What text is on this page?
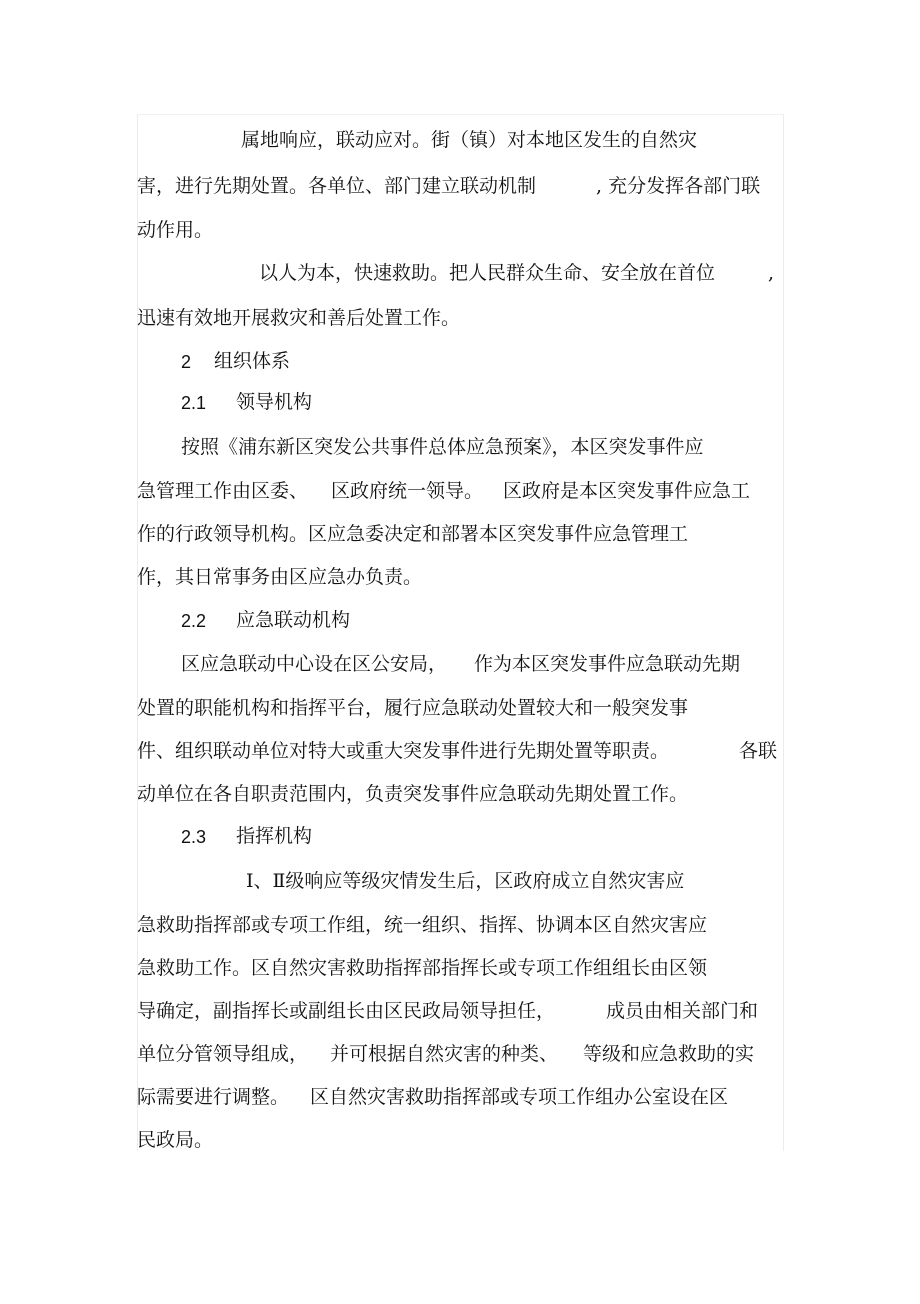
属地响应，联动应对。街（镇）对本地区发生的自然灾
害，进行先期处置。各单位、部门建立联动机制	, 充分发挥各部门联
动作用。
以人为本，快速救助。把人民群众生命、安全放在首位	,
迅速有效地开展救灾和善后处置工作。
2 组织体系
2.1 领导机构
按照《浦东新区突发公共事件总体应急预案》，本区突发事件应
急管理工作由区委、 区政府统一领导。 区政府是本区突发事件应急工
作的行政领导机构。区应急委决定和部署本区突发事件应急管理工
作，其日常事务由区应急办负责。
2.2 应急联动机构
区应急联动中心设在区公安局， 作为本区突发事件应急联动先期
处置的职能机构和指挥平台，履行应急联动处置较大和一般突发事
件、组织联动单位对特大或重大突发事件进行先期处置等职责。	各联
动单位在各自职责范围内，负责突发事件应急联动先期处置工作。
2.3 指挥机构
Ⅰ、Ⅱ级响应等级灾情发生后，区政府成立自然灾害应
急救助指挥部或专项工作组，统一组织、指挥、协调本区自然灾害应
急救助工作。区自然灾害救助指挥部指挥长或专项工作组组长由区领
导确定，副指挥长或副组长由区民政局领导担任，	成员由相关部门和
单位分管领导组成， 并可根据自然灾害的种类、 等级和应急救助的实
际需要进行调整。 区自然灾害救助指挥部或专项工作组办公室设在区
民政局。
